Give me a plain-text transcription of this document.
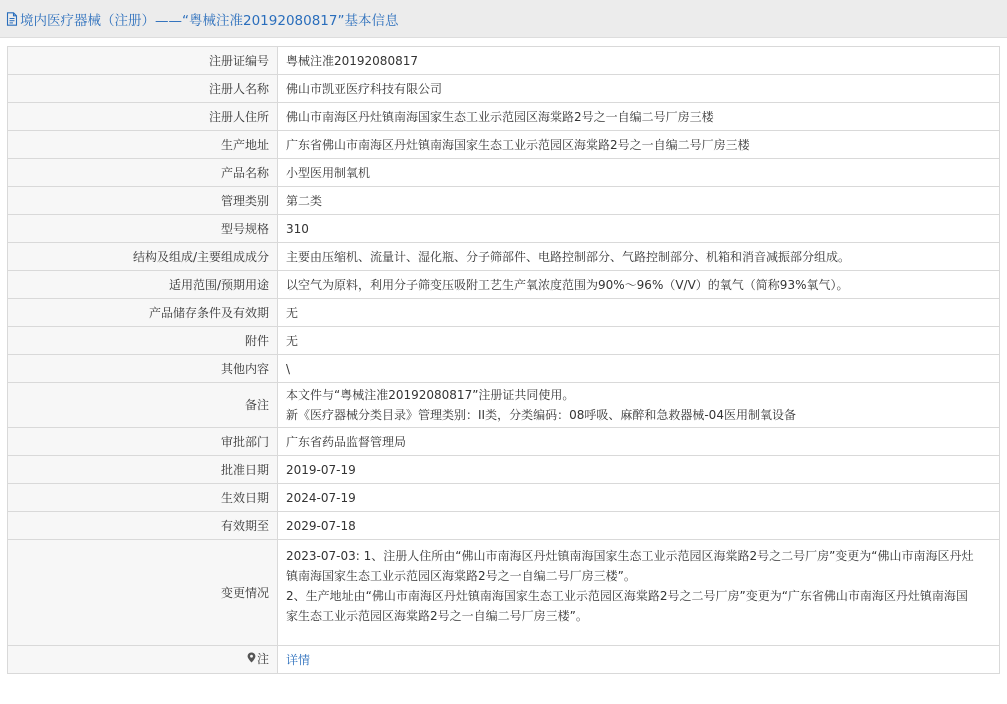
境内医疗器械（注册）——“粤械注准20192080817”基本信息
注册证编号	粤械注准20192080817
注册人名称	佛山市凯亚医疗科技有限公司
注册人住所	佛山市南海区丹灶镇南海国家生态工业示范园区海棠路2号之一自编二号厂房三楼
生产地址	广东省佛山市南海区丹灶镇南海国家生态工业示范园区海棠路2号之一自编二号厂房三楼
产品名称	小型医用制氧机
管理类别	第二类
型号规格	310
结构及组成/主要组成成分	主要由压缩机、流量计、湿化瓶、分子筛部件、电路控制部分、气路控制部分、机箱和消音减振部分组成。
适用范围/预期用途	以空气为原料，利用分子筛变压吸附工艺生产氧浓度范围为90%～96%（V/V）的氧气（简称93%氧气）。
产品储存条件及有效期	无
附件	无
其他内容	\
备注	本文件与“粤械注准20192080817”注册证共同使用。
新《医疗器械分类目录》管理类别：II类，分类编码：08呼吸、麻醉和急救器械-04医用制氧设备

审批部门	广东省药品监督管理局
批准日期	2019-07-19
生效日期	2024-07-19
有效期至	2029-07-18
变更情况	2023-07-03: 1、注册人住所由“佛山市南海区丹灶镇南海国家生态工业示范园区海棠路2号之二号厂房”变更为“佛山市南海区丹灶
镇南海国家生态工业示范园区海棠路2号之一自编二号厂房三楼”。
2、生产地址由“佛山市南海区丹灶镇南海国家生态工业示范园区海棠路2号之二号厂房”变更为“广东省佛山市南海区丹灶镇南海国
家生态工业示范园区海棠路2号之一自编二号厂房三楼”。

注	详情
